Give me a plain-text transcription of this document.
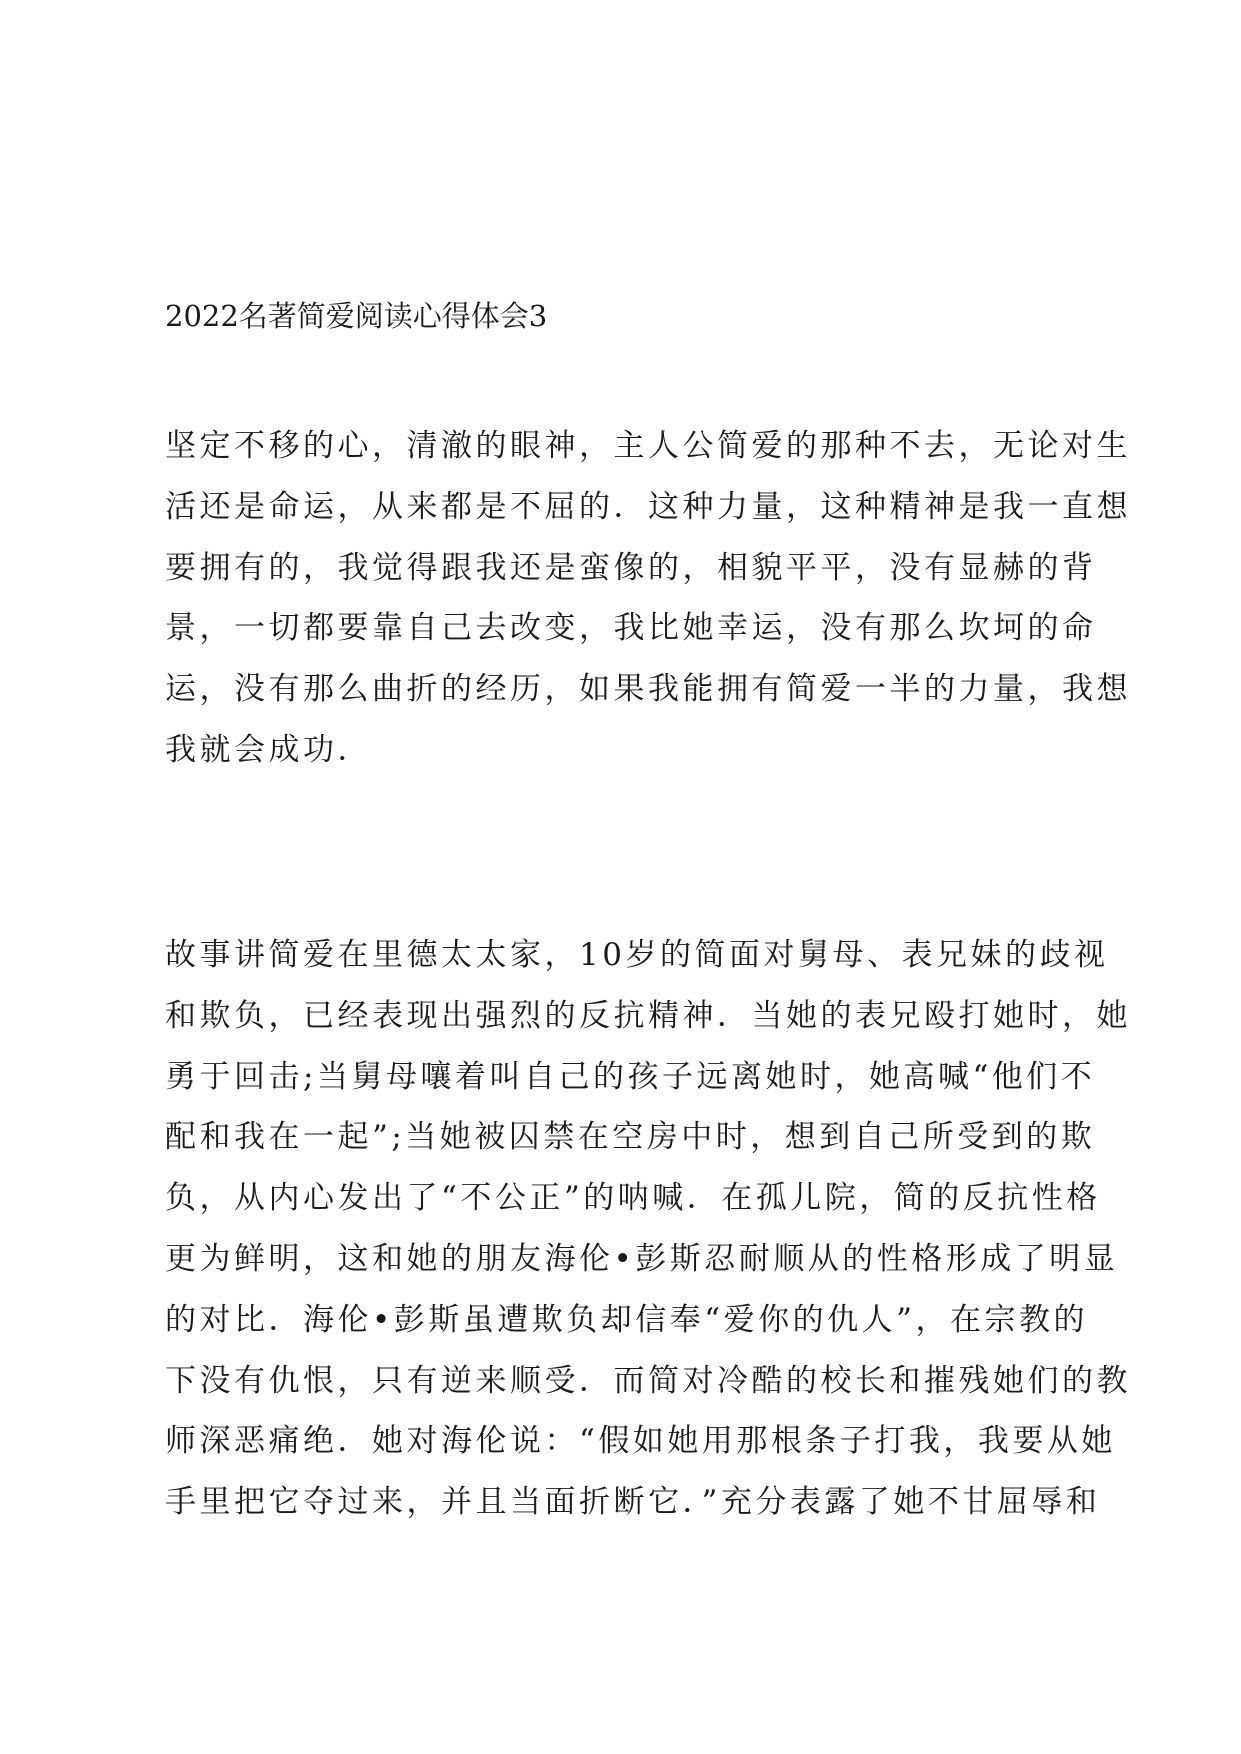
2022名著简爱阅读心得体会3
坚定不移的心，清澈的眼神，主人公简爱的那种不去，无论对生
活还是命运，从来都是不屈的．这种力量，这种精神是我一直想
要拥有的，我觉得跟我还是蛮像的，相貌平平，没有显赫的背
景，一切都要靠自己去改变，我比她幸运，没有那么坎坷的命
运，没有那么曲折的经历，如果我能拥有简爱一半的力量，我想
我就会成功．
故事讲简爱在里德太太家，10岁的简面对舅母、表兄妹的歧视
和欺负，已经表现出强烈的反抗精神．当她的表兄殴打她时，她
勇于回击;当舅母嚷着叫自己的孩子远离她时，她高喊“他们不
配和我在一起”;当她被囚禁在空房中时，想到自己所受到的欺
负，从内心发出了“不公正”的呐喊．在孤儿院，简的反抗性格
更为鲜明，这和她的朋友海伦•彭斯忍耐顺从的性格形成了明显
的对比．海伦•彭斯虽遭欺负却信奉“爱你的仇人”，在宗教的
下没有仇恨，只有逆来顺受．而简对冷酷的校长和摧残她们的教
师深恶痛绝．她对海伦说：“假如她用那根条子打我，我要从她
手里把它夺过来，并且当面折断它．”充分表露了她不甘屈辱和
